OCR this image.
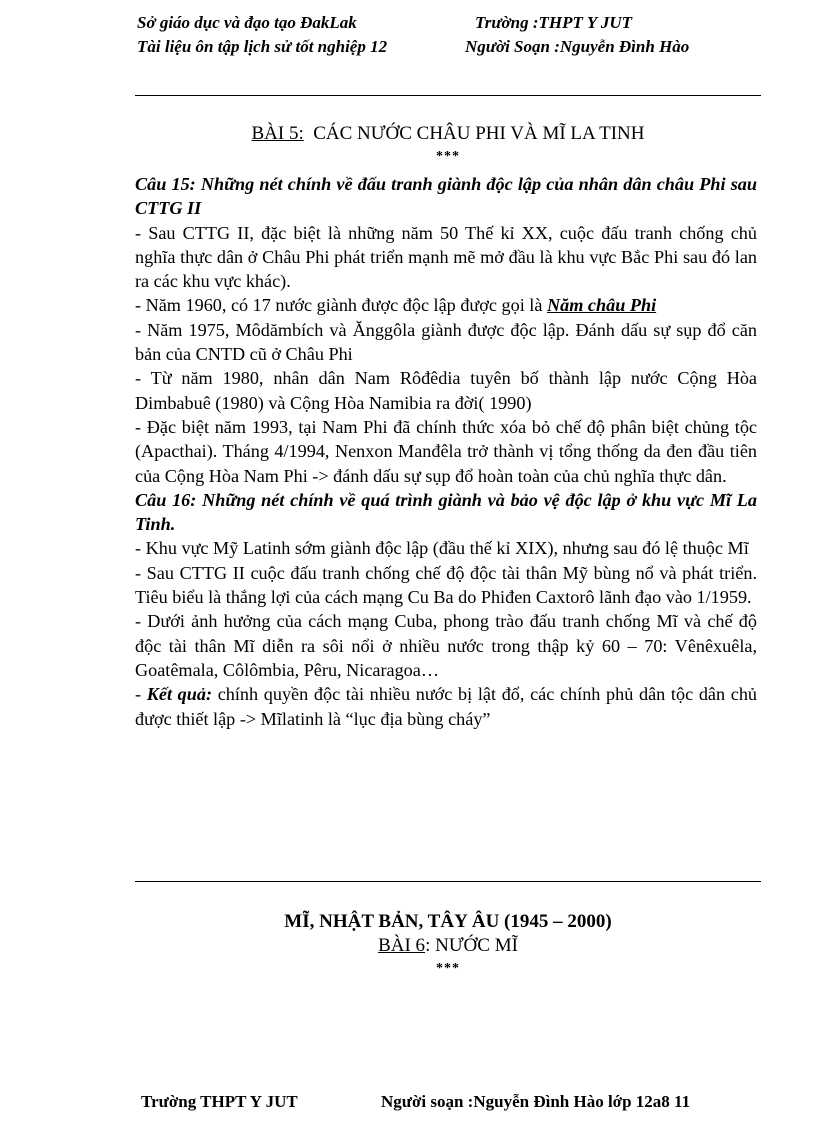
Sở giáo dục và đạo tạo ĐakLak	Trường :THPT Y JUT
Tài liệu ôn tập lịch sử tốt nghiệp 12	Người Soạn :Nguyễn Đình Hào
BÀI 5: CÁC NƯỚC CHÂU PHI VÀ MĨ LA TINH
***

Câu 15: Những nét chính về đấu tranh giành độc lập của nhân dân châu Phi sau CTTG II

- Sau CTTG II, đặc biệt là những năm 50 Thế kỉ XX, cuộc đấu tranh chống chủ nghĩa thực dân ở Châu Phi phát triển mạnh mẽ mở đầu là khu vực Bắc Phi sau đó lan ra các khu vực khác).

- Năm 1960, có 17 nước giành được độc lập được gọi là Năm châu Phi

- Năm 1975, Môdămbích và Ănggôla giành được độc lập. Đánh dấu sự sụp đổ căn bản của CNTD cũ ở Châu Phi

- Từ năm 1980, nhân dân Nam Rôđêdia tuyên bố thành lập nước Cộng Hòa Dimbabuê (1980) và Cộng Hòa Namibia ra đời( 1990)

- Đặc biệt năm 1993, tại Nam Phi đã chính thức xóa bỏ chế độ phân biệt chủng tộc (Apacthai). Tháng 4/1994, Nenxon Manđêla trở thành vị tổng thống da đen đầu tiên của Cộng Hòa Nam Phi -> đánh dấu sự sụp đổ hoàn toàn của chủ nghĩa thực dân.

Câu 16: Những nét chính về quá trình giành và bảo vệ độc lập ở khu vực Mĩ La Tinh.

- Khu vực Mỹ Latinh sớm giành độc lập (đầu thế kỉ XIX), nhưng sau đó lệ thuộc Mĩ

- Sau CTTG II cuộc đấu tranh chống chế độ độc tài thân Mỹ bùng nổ và phát triển. Tiêu biểu là thắng lợi của cách mạng Cu Ba do Phiđen Caxtorô lãnh đạo vào 1/1959.

- Dưới ảnh hưởng của cách mạng Cuba, phong trào đấu tranh chống Mĩ và chế độ độc tài thân Mĩ diễn ra sôi nổi ở nhiều nước trong thập kỷ 60 – 70: Vênêxuêla, Goatêmala, Côlômbia, Pêru, Nicaragoa…

- Kết quả: chính quyền độc tài nhiều nước bị lật đổ, các chính phủ dân tộc dân chủ được thiết lập -> Mĩlatinh là “lục địa bùng cháy”

MĨ, NHẬT BẢN, TÂY ÂU (1945 – 2000)
BÀI 6: NƯỚC MĨ
***
Trường THPT Y JUT	Người soạn :Nguyễn Đình Hào lớp 12a8 11
